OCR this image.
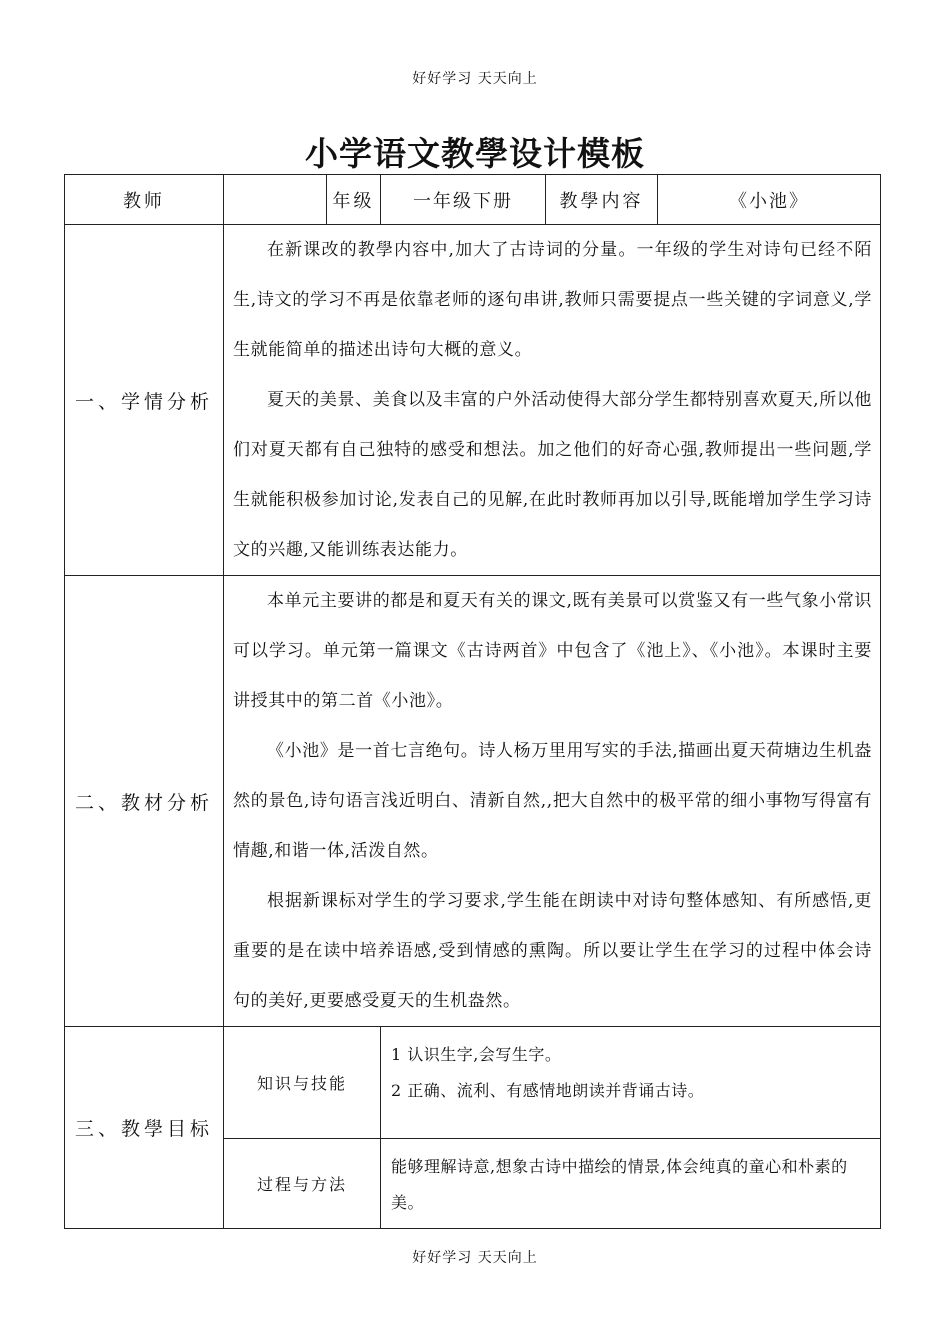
好好学习 天天向上
小学语文教學设计模板
教师		年级	一年级下册	教學内容	《小池》
一、学情分析	在新课改的教學内容中,加大了古诗词的分量。一年级的学生对诗句已经不陌生,诗文的学习不再是依靠老师的逐句串讲,教师只需要提点一些关键的字词意义,学生就能简单的描述出诗句大概的意义。

夏天的美景、美食以及丰富的户外活动使得大部分学生都特别喜欢夏天,所以他们对夏天都有自己独特的感受和想法。加之他们的好奇心强,教师提出一些问题,学生就能积极参加讨论,发表自己的见解,在此时教师再加以引导,既能增加学生学习诗文的兴趣,又能训练表达能力。				

二、教材分析	本单元主要讲的都是和夏天有关的课文,既有美景可以赏鉴又有一些气象小常识可以学习。单元第一篇课文《古诗两首》中包含了《池上》、《小池》。本课时主要讲授其中的第二首《小池》。

《小池》是一首七言绝句。诗人杨万里用写实的手法,描画出夏天荷塘边生机盎然的景色,诗句语言浅近明白、清新自然,,把大自然中的极平常的细小事物写得富有情趣,和谐一体,活泼自然。

根据新课标对学生的学习要求,学生能在朗读中对诗句整体感知、有所感悟,更重要的是在读中培养语感,受到情感的熏陶。所以要让学生在学习的过程中体会诗句的美好,更要感受夏天的生机盎然。				

三、教學目标	知识与技能		1 认识生字,会写生字。

2 正确、流利、有感情地朗读并背诵古诗。		

	过程与方法		能够理解诗意,想象古诗中描绘的情景,体会纯真的童心和朴素的美。		

好好学习 天天向上
